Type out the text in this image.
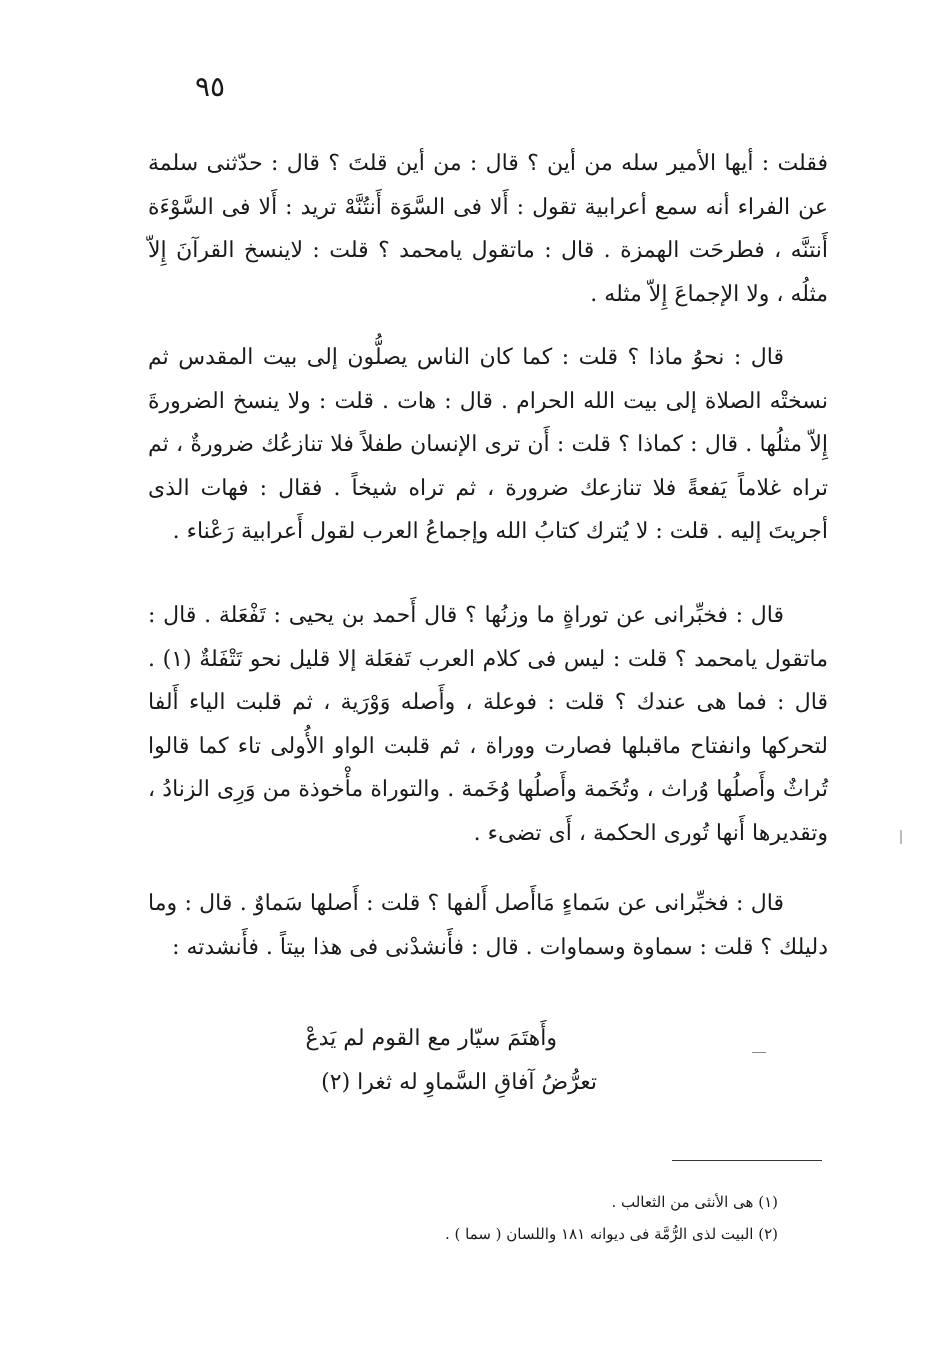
٩٥

فقلت : أيها الأمير سله من أين ؟ قال : من أين قلتَ ؟ قال : حدّثنى سلمة عن الفراء أنه سمع أعرابية تقول : أَلا فى السَّوَة أَنتُنَّهْ تريد : أَلا فى السَّوْءَة أَنتنَّه ، فطرحَت الهمزة . قال : ماتقول يامحمد ؟ قلت : لاينسخ القرآنَ إِلاّ مثلُه ، ولا الإجماعَ إِلاّ مثله .

قال : نحوُ ماذا ؟ قلت : كما كان الناس يصلُّون إلى بيت المقدس ثم نسختْه الصلاة إلى بيت الله الحرام . قال : هات . قلت : ولا ينسخ الضرورةَ إِلاّ مثلُها . قال : كماذا ؟ قلت : أَن ترى الإنسان طفلاً فلا تنازعُك ضرورةٌ ، ثم تراه غلاماً يَفعةً فلا تنازعك ضرورة ، ثم تراه شيخاً . فقال : فهات الذى أجريتَ إليه . قلت : لا يُترك كتابُ الله وإجماعُ العرب لقول أَعرابية رَعْناء .

قال : فخبِّرانى عن توراةٍ ما وزنُها ؟ قال أَحمد بن يحيى : تَفْعَلة . قال : ماتقول يامحمد ؟ قلت : ليس فى كلام العرب تَفعَلة إلا قليل نحو تَتْفَلةٌ (١) . قال : فما هى عندك ؟ قلت : فوعلة ، وأَصله وَوْرَية ، ثم قلبت الياء أَلفا لتحركها وانفتاح ماقبلها فصارت ووراة ، ثم قلبت الواو الأُولى تاء كما قالوا تُراثٌ وأَصلُها وُراث ، وتُخَمة وأَصلُها وُخَمة . والتوراة مأْخوذة من وَرِى الزنادُ ، وتقديرها أَنها تُورى الحكمة ، أَى تضىء .

قال : فخبِّرانى عن سَماءٍ مَاأَصل أَلفها ؟ قلت : أَصلها سَماوٌ . قال : وما دليلك ؟ قلت : سماوة وسماوات . قال : فأَنشدْنى فى هذا بيتاً . فأَنشدته :

وأَهتَمَ سيّار مع القوم لم يَدعْ
تعرُّضُ آفاقِ السَّماوِ له ثغرا (٢)

(١) هى الأنثى من الثعالب .

(٢) البيت لذى الرُّمَّة فى ديوانه ١٨١ واللسان ( سما ) .
